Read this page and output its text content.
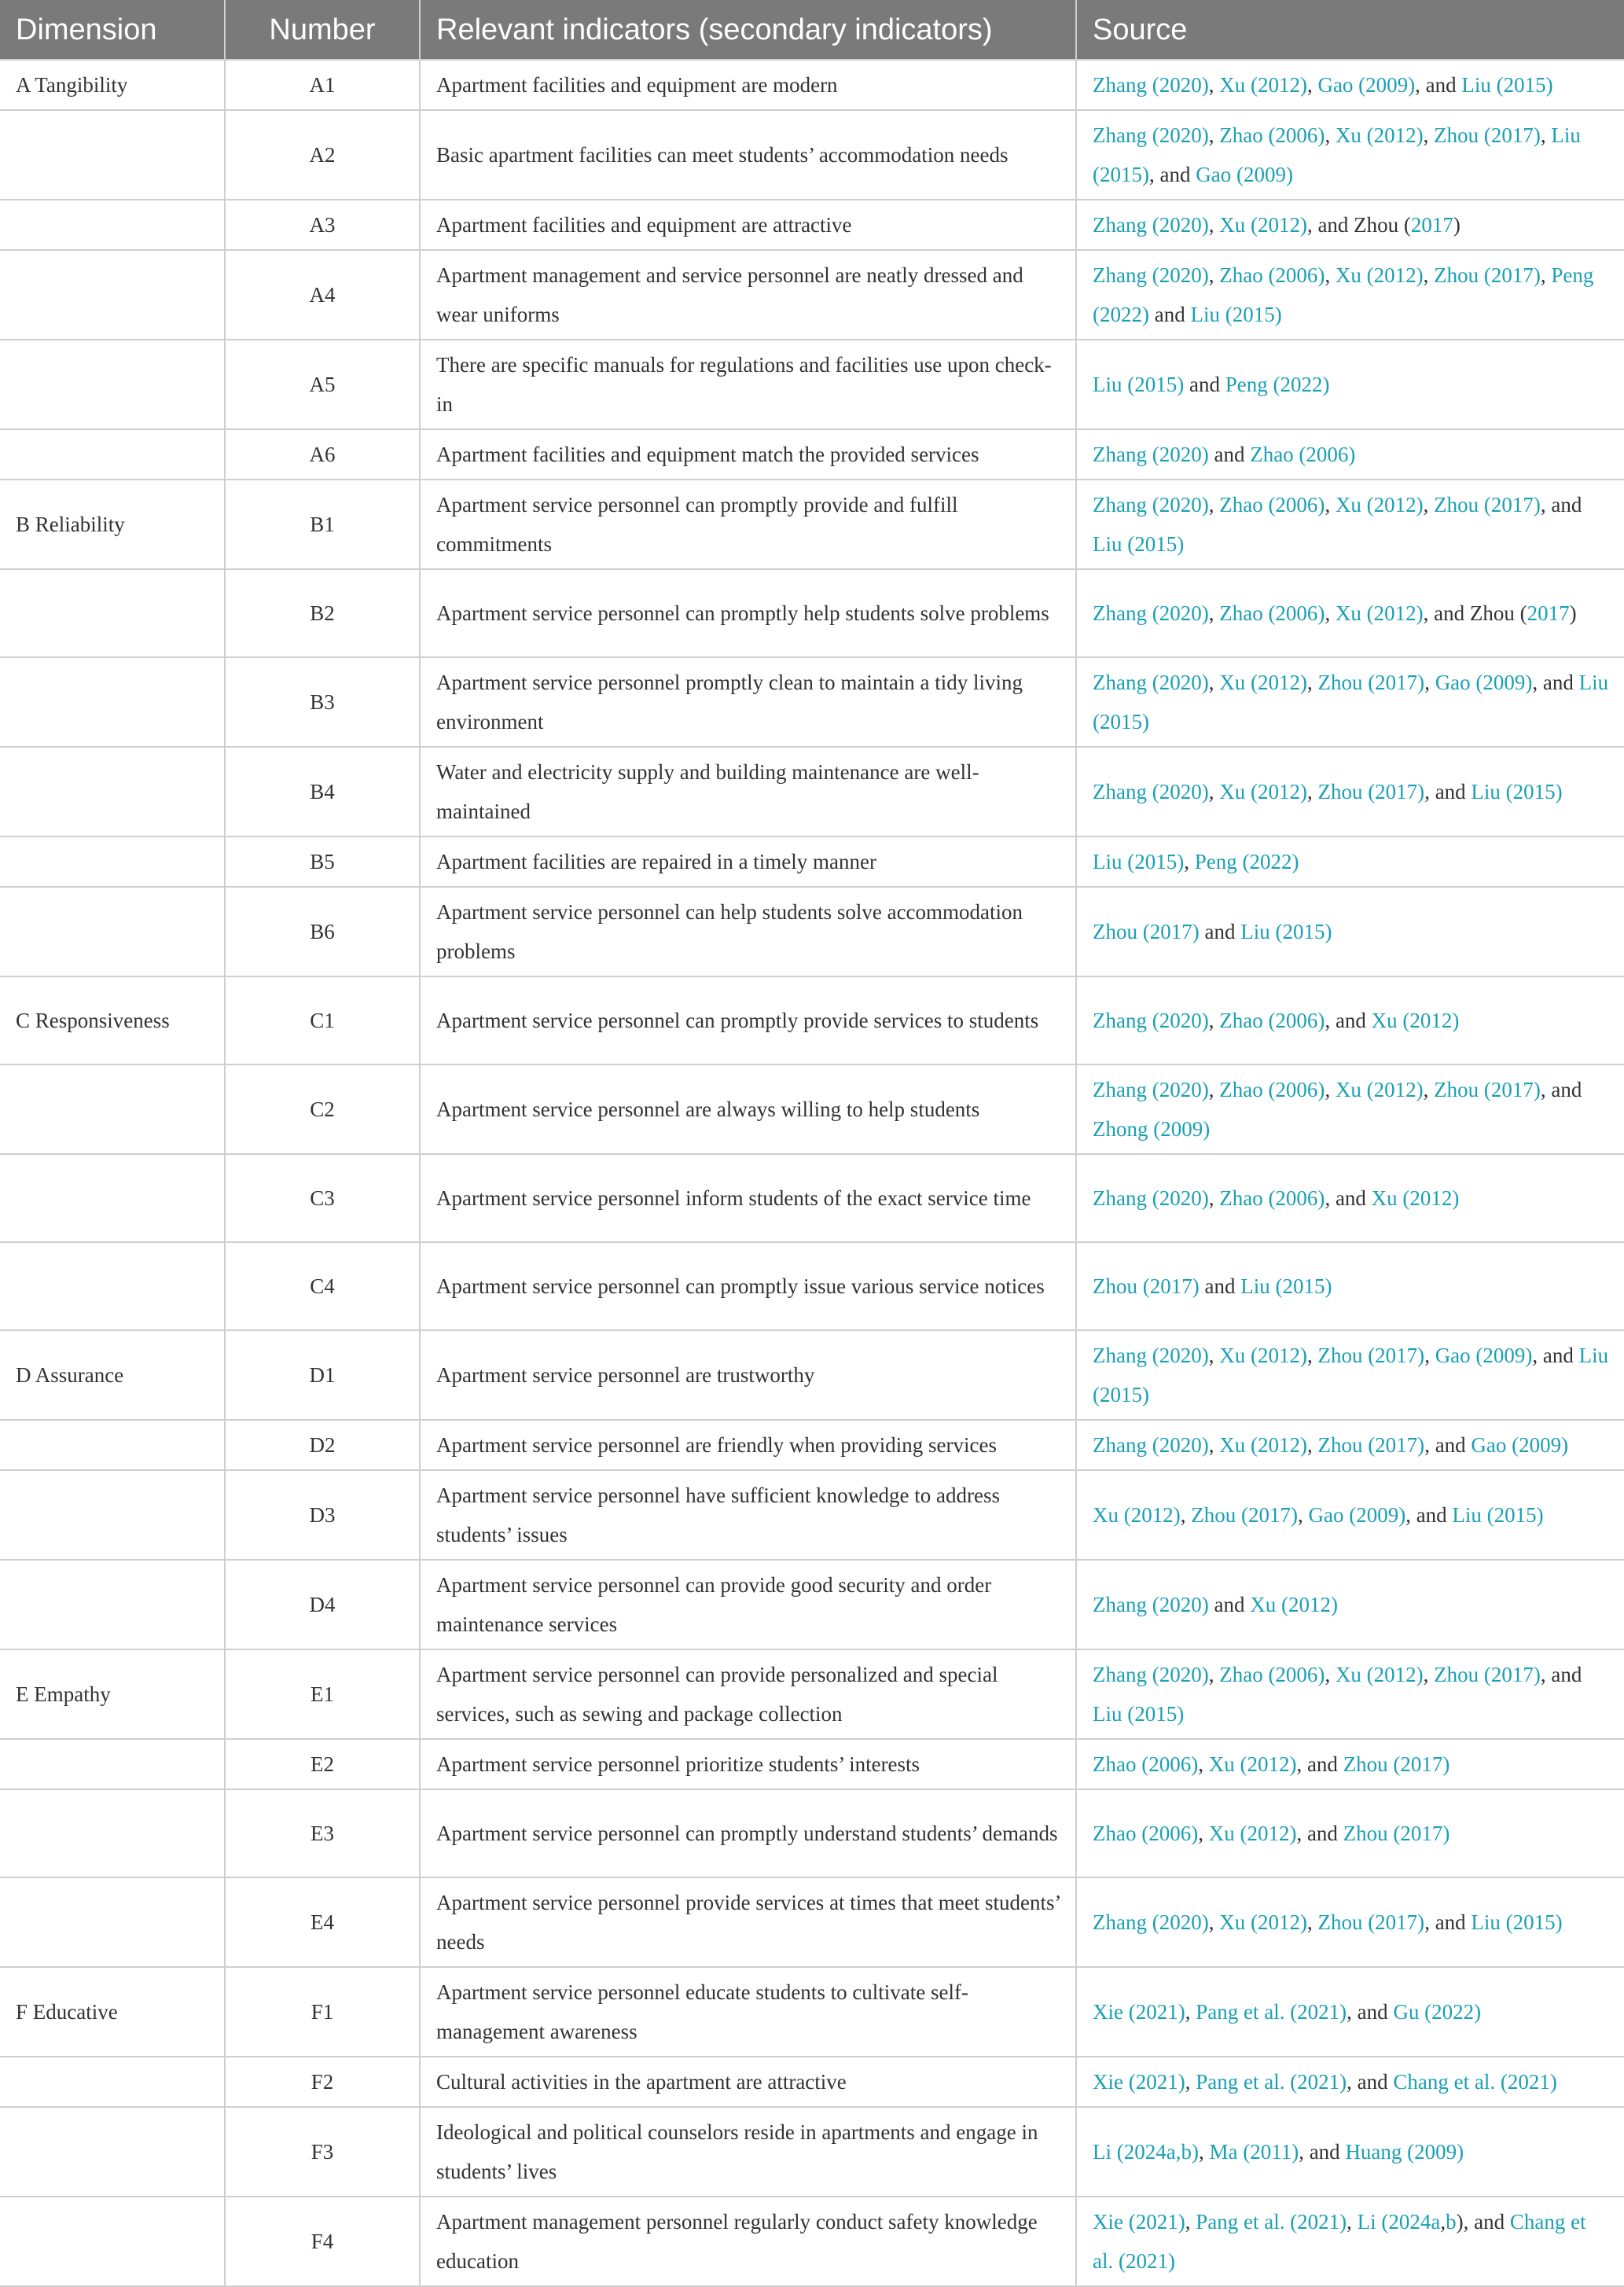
Dimension	Number	Relevant indicators (secondary indicators)	Source
A Tangibility	A1	Apartment facilities and equipment are modern	Zhang (2020), Xu (2012), Gao (2009), and Liu (2015)
	A2	Basic apartment facilities can meet students’ accommodation needs	Zhang (2020), Zhao (2006), Xu (2012), Zhou (2017), Liu (2015), and Gao (2009)
	A3	Apartment facilities and equipment are attractive	Zhang (2020), Xu (2012), and Zhou (2017)
	A4	Apartment management and service personnel are neatly dressed and wear uniforms	Zhang (2020), Zhao (2006), Xu (2012), Zhou (2017), Peng (2022) and Liu (2015)
	A5	There are specific manuals for regulations and facilities use upon check-in	Liu (2015) and Peng (2022)
	A6	Apartment facilities and equipment match the provided services	Zhang (2020) and Zhao (2006)
B Reliability	B1	Apartment service personnel can promptly provide and fulfill commitments	Zhang (2020), Zhao (2006), Xu (2012), Zhou (2017), and Liu (2015)
	B2	Apartment service personnel can promptly help students solve problems	Zhang (2020), Zhao (2006), Xu (2012), and Zhou (2017)
	B3	Apartment service personnel promptly clean to maintain a tidy living environment	Zhang (2020), Xu (2012), Zhou (2017), Gao (2009), and Liu (2015)
	B4	Water and electricity supply and building maintenance are well-maintained	Zhang (2020), Xu (2012), Zhou (2017), and Liu (2015)
	B5	Apartment facilities are repaired in a timely manner	Liu (2015), Peng (2022)
	B6	Apartment service personnel can help students solve accommodation problems	Zhou (2017) and Liu (2015)
C Responsiveness	C1	Apartment service personnel can promptly provide services to students	Zhang (2020), Zhao (2006), and Xu (2012)
	C2	Apartment service personnel are always willing to help students	Zhang (2020), Zhao (2006), Xu (2012), Zhou (2017), and Zhong (2009)
	C3	Apartment service personnel inform students of the exact service time	Zhang (2020), Zhao (2006), and Xu (2012)
	C4	Apartment service personnel can promptly issue various service notices	Zhou (2017) and Liu (2015)
D Assurance	D1	Apartment service personnel are trustworthy	Zhang (2020), Xu (2012), Zhou (2017), Gao (2009), and Liu (2015)
	D2	Apartment service personnel are friendly when providing services	Zhang (2020), Xu (2012), Zhou (2017), and Gao (2009)
	D3	Apartment service personnel have sufficient knowledge to address students’ issues	Xu (2012), Zhou (2017), Gao (2009), and Liu (2015)
	D4	Apartment service personnel can provide good security and order maintenance services	Zhang (2020) and Xu (2012)
E Empathy	E1	Apartment service personnel can provide personalized and special services, such as sewing and package collection	Zhang (2020), Zhao (2006), Xu (2012), Zhou (2017), and Liu (2015)
	E2	Apartment service personnel prioritize students’ interests	Zhao (2006), Xu (2012), and Zhou (2017)
	E3	Apartment service personnel can promptly understand students’ demands	Zhao (2006), Xu (2012), and Zhou (2017)
	E4	Apartment service personnel provide services at times that meet students’ needs	Zhang (2020), Xu (2012), Zhou (2017), and Liu (2015)
F Educative	F1	Apartment service personnel educate students to cultivate self-management awareness	Xie (2021), Pang et al. (2021), and Gu (2022)
	F2	Cultural activities in the apartment are attractive	Xie (2021), Pang et al. (2021), and Chang et al. (2021)
	F3	Ideological and political counselors reside in apartments and engage in students’ lives	Li (2024a,b), Ma (2011), and Huang (2009)
	F4	Apartment management personnel regularly conduct safety knowledge education	Xie (2021), Pang et al. (2021), Li (2024a,b), and Chang et al. (2021)
